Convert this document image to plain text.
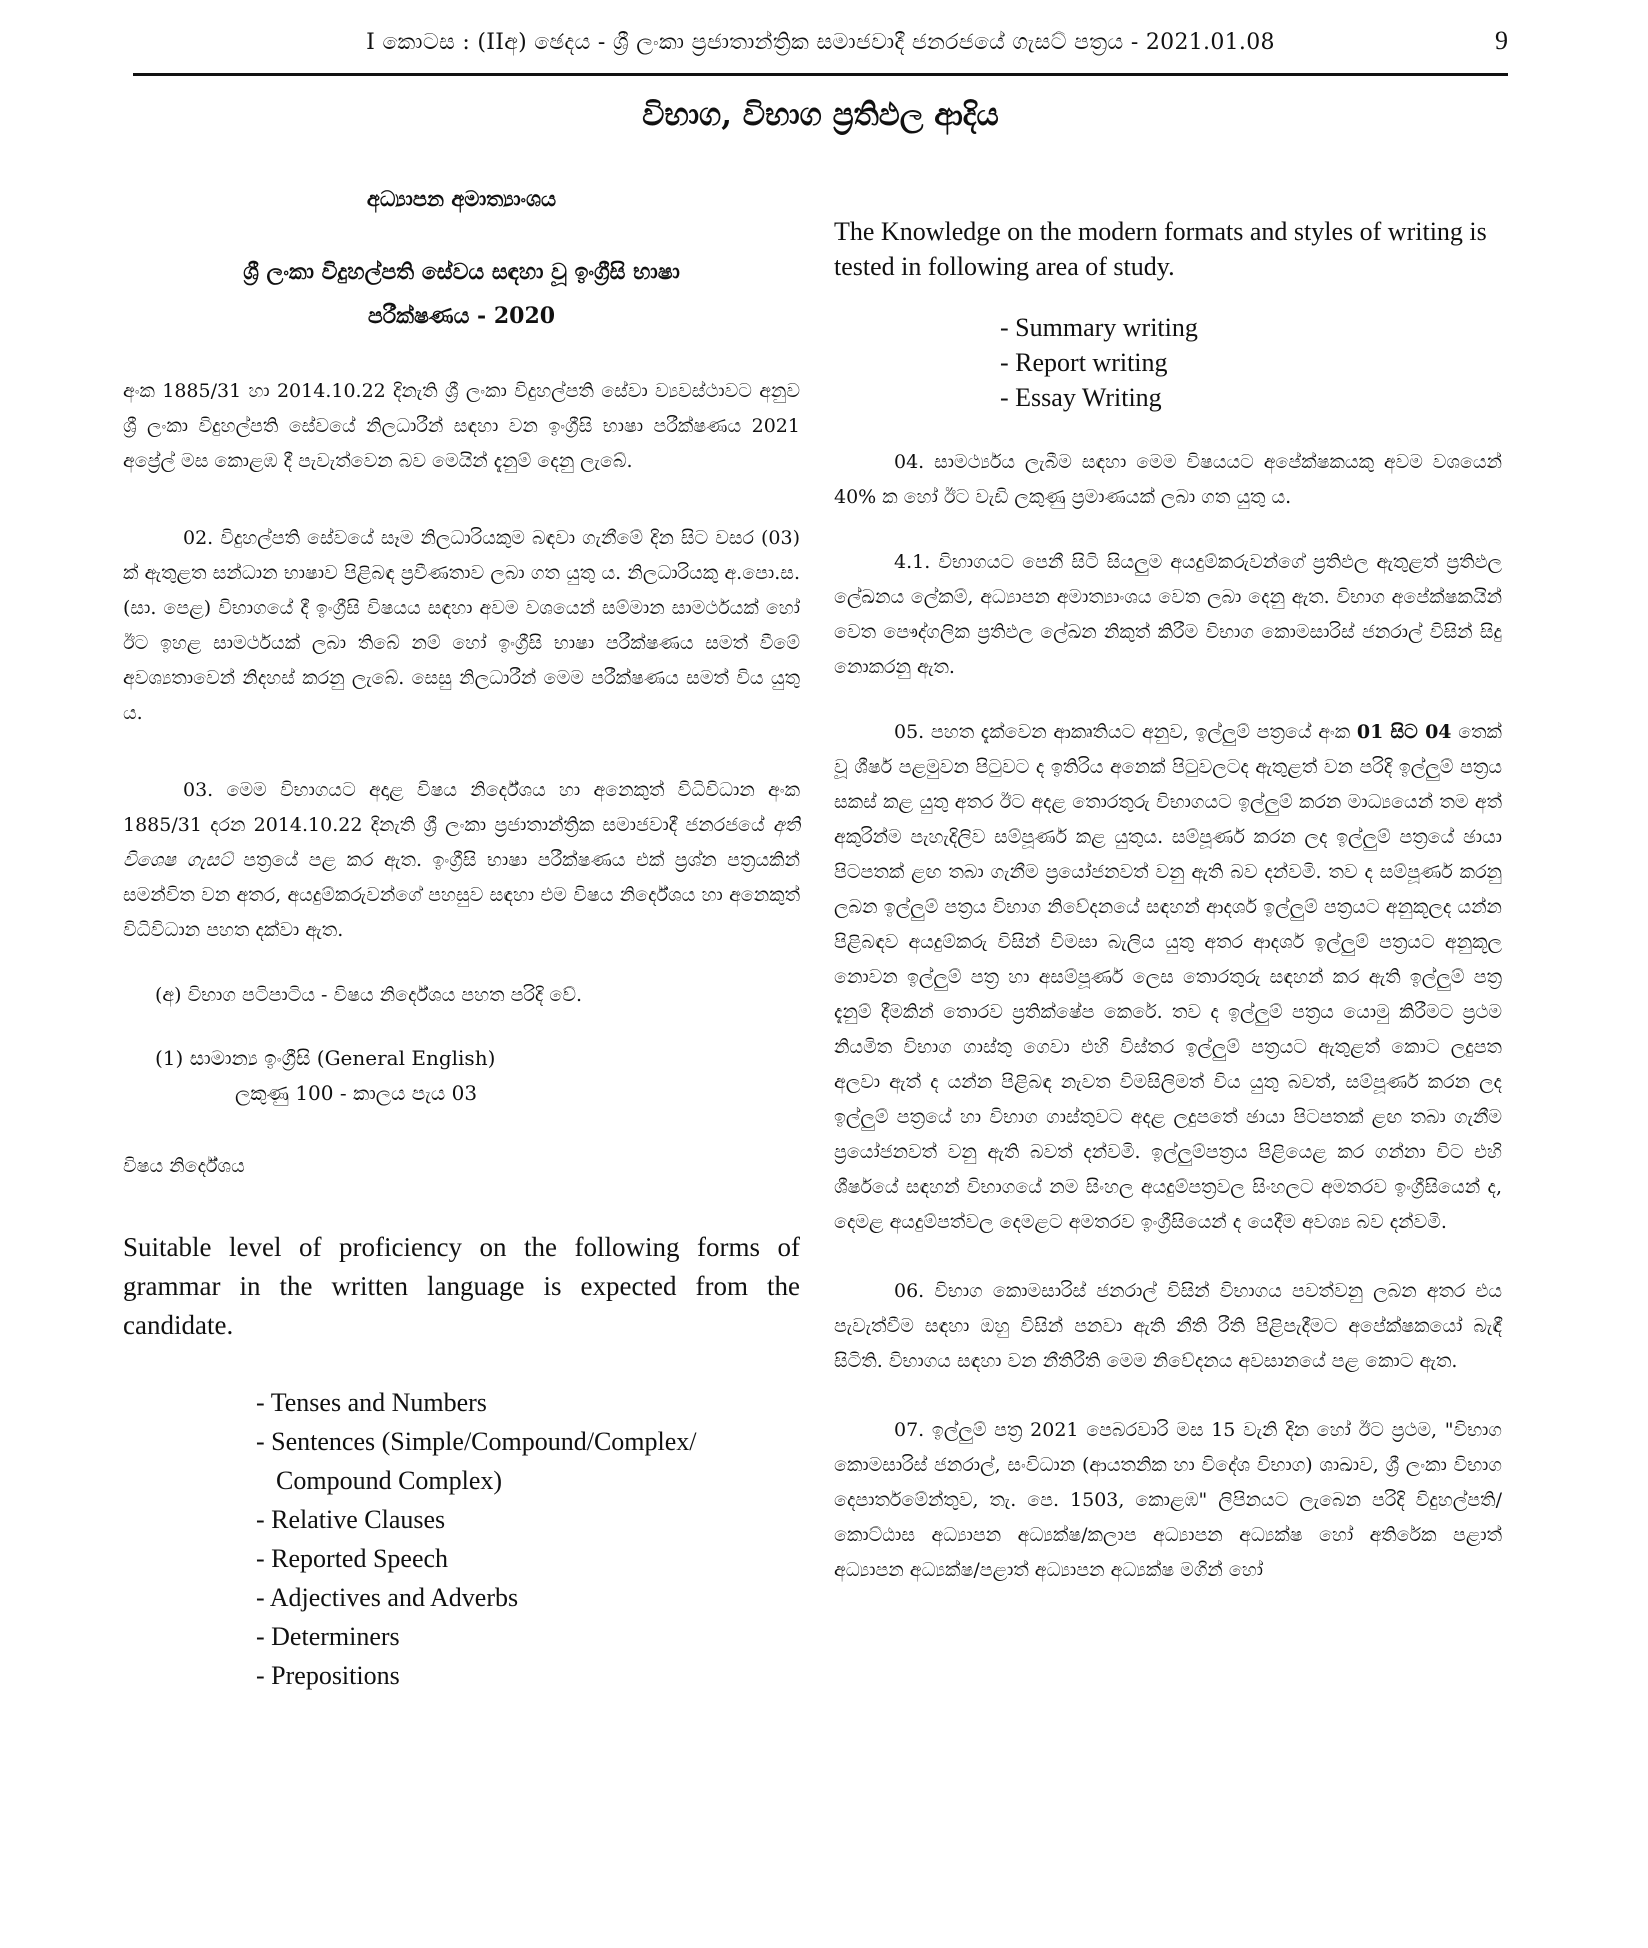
I කොටස : (IIඅ) ඡෙදය - ශ්‍රී ලංකා ප්‍රජාතාන්ත්‍රික සමාජවාදී ජනරජයේ ගැසට් පත්‍රය - 2021.01.08	9
විභාග, විභාග ප්‍රතිඵල ආදිය

අධ්‍යාපන අමාත්‍යාංශය

ශ්‍රී ලංකා විදුහල්පති සේවය සඳහා වූ ඉංග්‍රීසි භාෂා
පරීක්ෂණය - 2020

අංක 1885/31 හා 2014.10.22 දිනැති ශ්‍රී ලංකා විදුහල්පති සේවා ව්‍යවස්ථාවට අනුව ශ්‍රී ලංකා විදුහල්පති සේවයේ නිලධාරීන් සඳහා වන ඉංග්‍රීසි භාෂා පරීක්ෂණය 2021 අප්‍රේල් මස කොළඹ දී පැවැත්වෙන බව මෙයින් දැනුම් දෙනු ලැබේ.

02. විදුහල්පති සේවයේ සෑම නිලධාරියකුම බඳවා ගැනීමේ දින සිට වසර (03) ක් ඇතුළත සන්ධාන භාෂාව පිළිබඳ ප්‍රවීණතාව ලබා ගත යුතු ය. නිලධාරියකු අ.පො.ස. (සා. පෙළ) විභාගයේ දී ඉංග්‍රීසි විෂයය සඳහා අවම වශයෙන් සම්මාන සාමර්ථයක් හෝ ඊට ඉහළ සාමර්ථයක් ලබා තිබේ නම් හෝ ඉංග්‍රීසි භාෂා පරීක්ෂණය සමත් වීමේ අවශ්‍යතාවෙන් නිදහස් කරනු ලැබේ. සෙසු නිලධාරීන් මෙම පරීක්ෂණය සමත් විය යුතු ය.

03. මෙම විභාගයට අදාළ විෂය නිර්දේශය හා අනෙකුත් විධිවිධාන අංක 1885/31 දරන 2014.10.22 දිනැති ශ්‍රී ලංකා ප්‍රජාතාන්ත්‍රික සමාජවාදී ජනරජයේ අති විශෙෂ ගැසට් පත්‍රයේ පළ කර ඇත. ඉංග්‍රීසි භාෂා පරීක්ෂණය එක් ප්‍රශ්න පත්‍රයකින් සමන්විත වන අතර, අයදුම්කරුවන්ගේ පහසුව සඳහා එම විෂය නිර්දේශය හා අනෙකුත් විධිවිධාන පහත දක්වා ඇත.

(අ) විභාග පටිපාටිය - විෂය නිර්දේශය පහත පරිදි වේ.

(1) සාමාන්‍ය ඉංග්‍රීසි (General English)
ලකුණු 100 - කාලය පැය 03

විෂය නිර්දේශය

Suitable level of proficiency on the following forms of grammar in the written language is expected from the candidate.

- Tenses and Numbers
- Sentences (Simple/Compound/Complex/
Compound Complex)
- Relative Clauses
- Reported Speech
- Adjectives and Adverbs
- Determiners
- Prepositions

The Knowledge on the modern formats and styles of writing is tested in following area of study.

- Summary writing
- Report writing
- Essay Writing

04. සාමර්ථ්‍යය ලැබීම සඳහා මෙම විෂයයට අපේක්ෂකයකු අවම වශයෙන් 40% ක හෝ ඊට වැඩි ලකුණු ප්‍රමාණයක් ලබා ගත යුතු ය.

4.1. විභාගයට පෙනී සිටි සියලුම අයදුම්කරුවන්ගේ ප්‍රතිඵල ඇතුළත් ප්‍රතිඵල ලේඛනය ලේකම්, අධ්‍යාපන අමාත්‍යාංශය වෙත ලබා දෙනු ඇත. විභාග අපේක්ෂකයින් වෙත පෞද්ගලික ප්‍රතිඵල ලේඛන නිකුත් කිරීම විභාග කොමසාරිස් ජනරාල් විසින් සිදු නොකරනු ඇත.

05. පහත දැක්වෙන ආකෘතියට අනුව, ඉල්ලුම් පත්‍රයේ අංක 01 සිට 04 තෙක් වූ ශීර්ෂ පළමුවන පිටුවට ද ඉතිරිය අනෙක් පිටුවලටද ඇතුළත් වන පරිදි ඉල්ලුම් පත්‍රය සකස් කළ යුතු අතර ඊට අදළ තොරතුරු විභාගයට ඉල්ලුම් කරන මාධ්‍යයෙන් තම අත් අකුරින්ම පැහැදිලිව සම්පූර්ණ කළ යුතුය. සම්පූර්ණ කරන ලද ඉල්ලුම් පත්‍රයේ ඡායා පිටපතක් ළඟ තබා ගැනීම ප්‍රයෝජනවත් වනු ඇති බව දන්වමි. තව ද සම්පූර්ණ කරනු ලබන ඉල්ලුම් පත්‍රය විභාග නිවේදනයේ සඳහන් ආදර්ශ ඉල්ලුම් පත්‍රයට අනුකූලද යන්න පිළිබඳව අයදුම්කරු විසින් විමසා බැලිය යුතු අතර ආදර්ශ ඉල්ලුම් පත්‍රයට අනුකූල නොවන ඉල්ලුම් පත්‍ර හා අසම්පූර්ණ ලෙස තොරතුරු සඳහන් කර ඇති ඉල්ලුම් පත්‍ර දැනුම් දීමකින් තොරව ප්‍රතික්ෂේප කෙරේ. තව ද ඉල්ලුම් පත්‍රය යොමු කිරීමට ප්‍රථම නියමිත විභාග ගාස්තු ගෙවා එහි විස්තර ඉල්ලුම් පත්‍රයට ඇතුළත් කොට ලදුපත අලවා ඇත් ද යන්න පිළිබඳ නැවත විමසිලිමත් විය යුතු බවත්, සම්පූර්ණ කරන ලද ඉල්ලුම් පත්‍රයේ හා විභාග ගාස්තුවට අදළ ලදුපතේ ඡායා පිටපතක් ළඟ තබා ගැනීම ප්‍රයෝජනවත් වනු ඇති බවත් දන්වමි. ඉල්ලුම්පත්‍රය පිළියෙළ කර ගන්නා විට එහි ශීර්ෂයේ සඳහන් විභාගයේ නම සිංහල අයදුම්පත්‍රවල සිංහලට අමතරව ඉංග්‍රීසියෙන් ද, දෙමළ අයදුම්පත්වල දෙමළට අමතරව ඉංග්‍රීසියෙන් ද යෙදීම අවශ්‍ය බව දන්වමි.

06. විභාග කොමසාරිස් ජනරාල් විසින් විභාගය පවත්වනු ලබන අතර එය පැවැත්වීම සඳහා ඔහු විසින් පනවා ඇති නීති රීති පිළිපැදීමට අපේක්ෂකයෝ බැඳී සිටිති. විභාගය සඳහා වන නීතිරීති මෙම නිවේදනය අවසානයේ පළ කොට ඇත.

07. ඉල්ලුම් පත්‍ර 2021 පෙබරවාරි මස 15 වැනි දින හෝ ඊට ප්‍රථම, "විභාග කොමසාරිස් ජනරාල්, සංවිධාන (ආයතනික හා විදේශ විභාග) ශාඛාව, ශ්‍රී ලංකා විභාග දෙපාර්තමේන්තුව, තැ. පෙ. 1503, කොළඹ" ලිපිනයට ලැබෙන පරිදි විදුහල්පති/කොට්ඨාස අධ්‍යාපන අධ්‍යක්ෂ/කලාප අධ්‍යාපන අධ්‍යක්ෂ හෝ අතිරේක පළාත් අධ්‍යාපන අධ්‍යක්ෂ/පළාත් අධ්‍යාපන අධ්‍යක්ෂ මගින් හෝ
